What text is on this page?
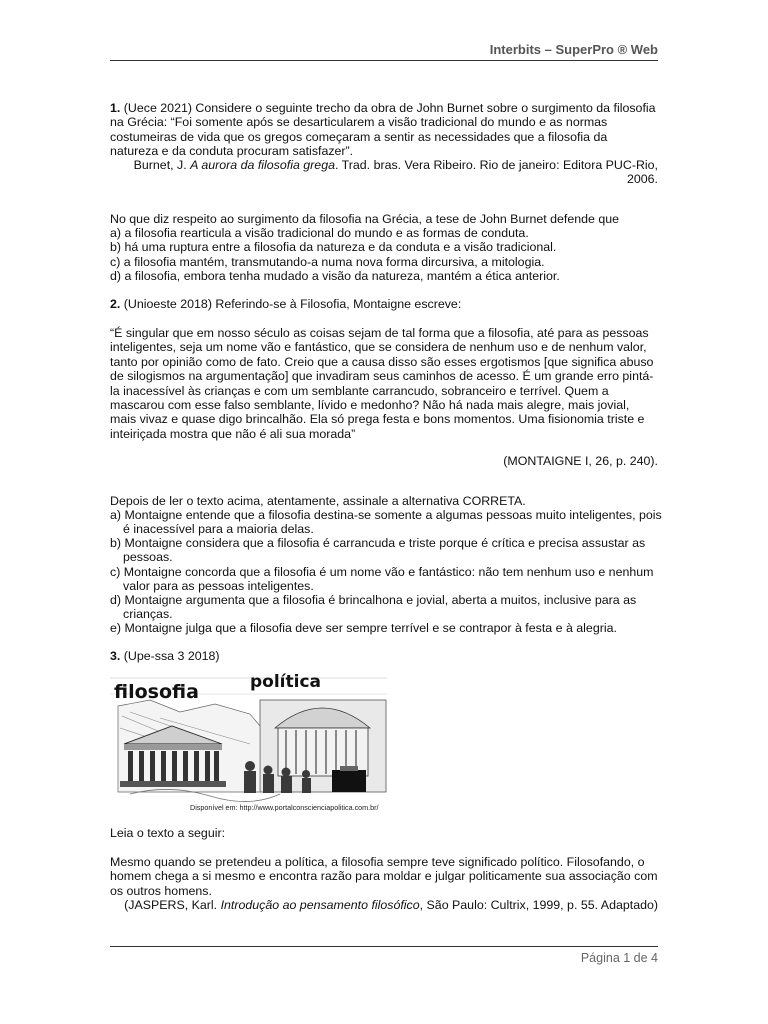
Interbits – SuperPro ® Web

1. (Uece 2021) Considere o seguinte trecho da obra de John Burnet sobre o surgimento da filosofia na Grécia: “Foi somente após se desarticularem a visão tradicional do mundo e as normas costumeiras de vida que os gregos começaram a sentir as necessidades que a filosofia da natureza e da conduta procuram satisfazer”.

Burnet, J. A aurora da filosofia grega. Trad. bras. Vera Ribeiro. Rio de janeiro: Editora PUC-Rio, 2006.

No que diz respeito ao surgimento da filosofia na Grécia, a tese de John Burnet defende que

a) a filosofia rearticula a visão tradicional do mundo e as formas de conduta.

b) há uma ruptura entre a filosofia da natureza e da conduta e a visão tradicional.

c) a filosofia mantém, transmutando-a numa nova forma dircursiva, a mitologia.

d) a filosofia, embora tenha mudado a visão da natureza, mantém a ética anterior.

2. (Unioeste 2018) Referindo-se à Filosofia, Montaigne escreve:

“É singular que em nosso século as coisas sejam de tal forma que a filosofia, até para as pessoas inteligentes, seja um nome vão e fantástico, que se considera de nenhum uso e de nenhum valor, tanto por opinião como de fato. Creio que a causa disso são esses ergotismos [que significa abuso de silogismos na argumentação] que invadiram seus caminhos de acesso. É um grande erro pintá-la inacessível às crianças e com um semblante carrancudo, sobranceiro e terrível. Quem a mascarou com esse falso semblante, lívido e medonho? Não há nada mais alegre, mais jovial, mais vivaz e quase digo brincalhão. Ela só prega festa e bons momentos. Uma fisionomia triste e inteiriçada mostra que não é ali sua morada”

(MONTAIGNE I, 26, p. 240).

Depois de ler o texto acima, atentamente, assinale a alternativa CORRETA.

a) Montaigne entende que a filosofia destina-se somente a algumas pessoas muito inteligentes, pois é inacessível para a maioria delas.

b) Montaigne considera que a filosofia é carrancuda e triste porque é crítica e precisa assustar as pessoas.

c) Montaigne concorda que a filosofia é um nome vão e fantástico: não tem nenhum uso e nenhum valor para as pessoas inteligentes.

d) Montaigne argumenta que a filosofia é brincalhona e jovial, aberta a muitos, inclusive para as crianças.

e) Montaigne julga que a filosofia deve ser sempre terrível e se contrapor à festa e à alegria.

3. (Upe-ssa 3 2018)

política
filosofia
Disponível em: http://www.portalconscienciapolitica.com.br/

Leia o texto a seguir:

Mesmo quando se pretendeu a política, a filosofia sempre teve significado político. Filosofando, o homem chega a si mesmo e encontra razão para moldar e julgar politicamente sua associação com os outros homens.

(JASPERS, Karl. Introdução ao pensamento filosófico, São Paulo: Cultrix, 1999, p. 55. Adaptado)

Página 1 de 4
